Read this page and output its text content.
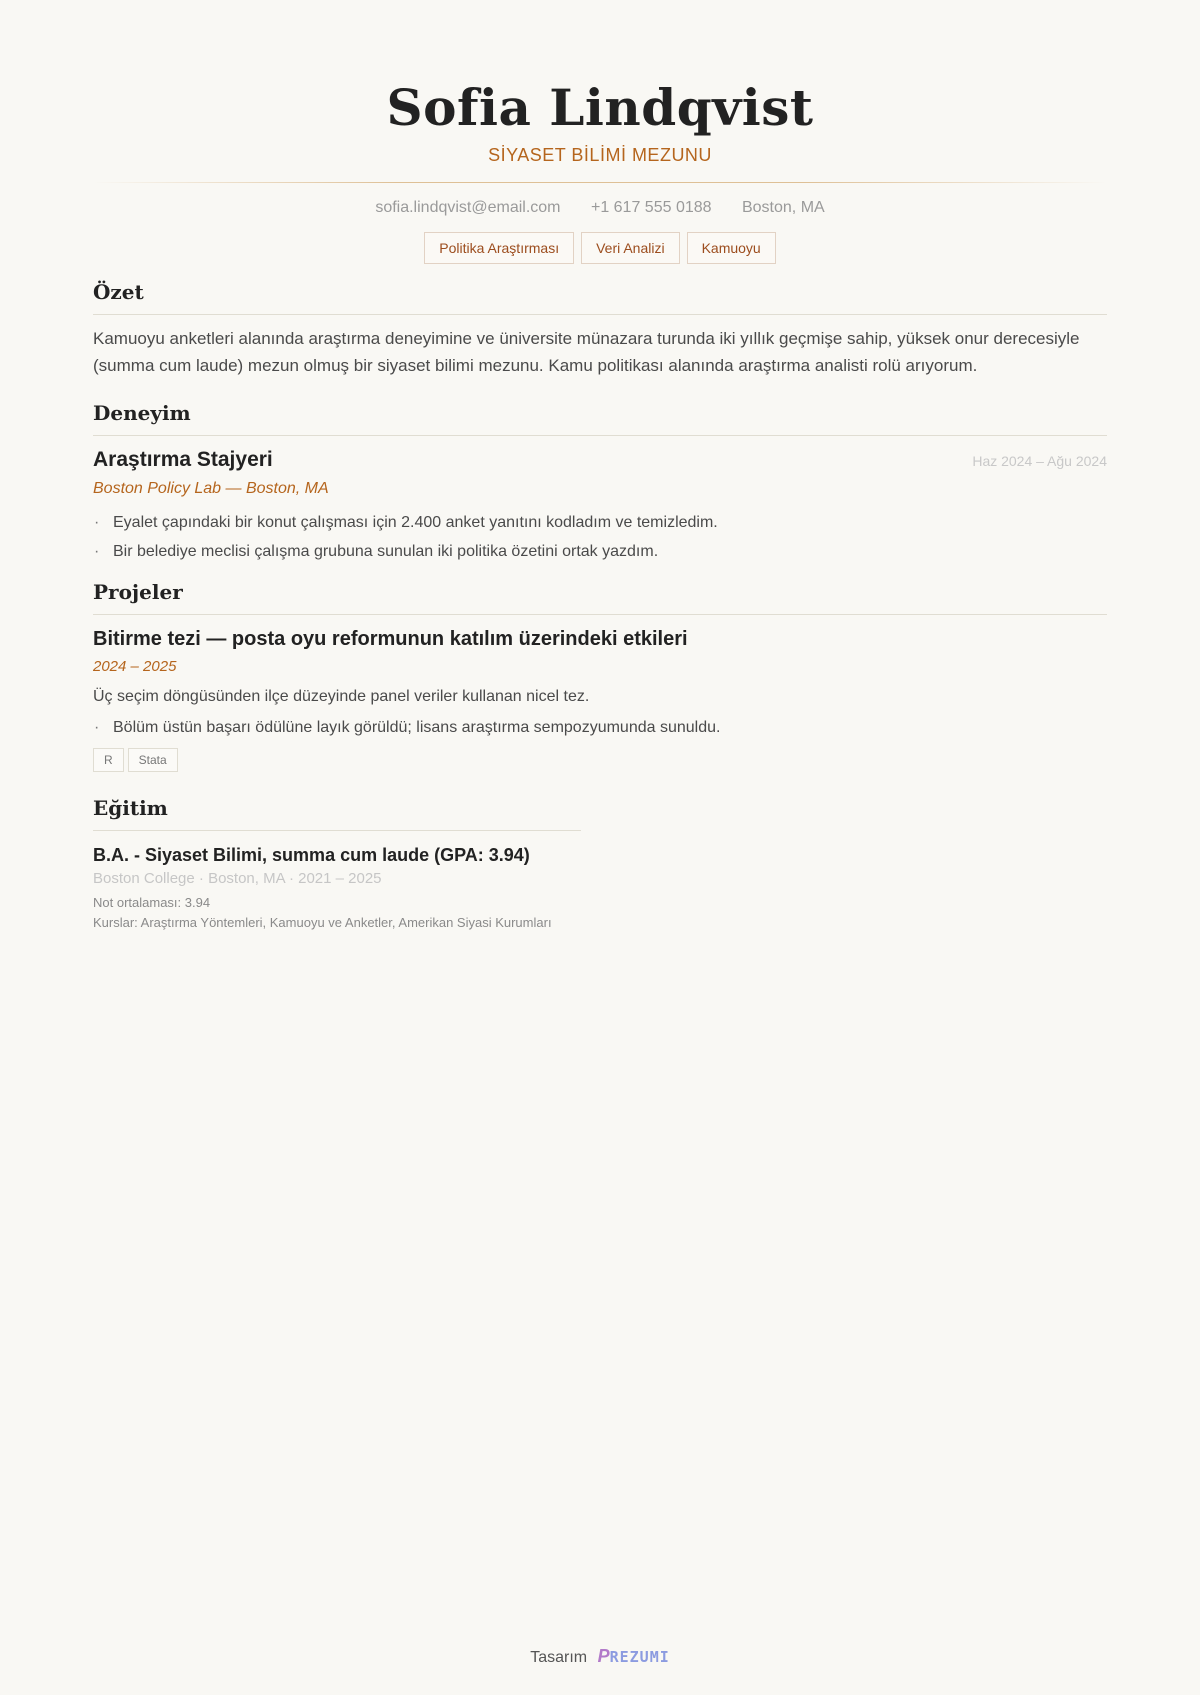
Sofia Lindqvist
SİYASET BİLİMİ MEZUNU
sofia.lindqvist@email.com +1 617 555 0188 Boston, MA
Politika Araştırması	Veri Analizi	Kamuoyu
Özet

Kamuoyu anketleri alanında araştırma deneyimine ve üniversite münazara turunda iki yıllık geçmişe sahip, yüksek onur derecesiyle (summa cum laude) mezun olmuş bir siyaset bilimi mezunu. Kamu politikası alanında araştırma analisti rolü arıyorum.

Deneyim
Araştırma Stajyeri	Haz 2024 – Ağu 2024
Boston Policy Lab — Boston, MA
· Eyalet çapındaki bir konut çalışması için 2.400 anket yanıtını kodladım ve temizledim.
· Bir belediye meclisi çalışma grubuna sunulan iki politika özetini ortak yazdım.
Projeler
Bitirme tezi — posta oyu reformunun katılım üzerindeki etkileri
2024 – 2025
Üç seçim döngüsünden ilçe düzeyinde panel veriler kullanan nicel tez.
· Bölüm üstün başarı ödülüne layık görüldü; lisans araştırma sempozyumunda sunuldu.
R	Stata
Eğitim
B.A. - Siyaset Bilimi, summa cum laude (GPA: 3.94)
Boston College · Boston, MA · 2021 – 2025
Not ortalaması: 3.94
Kurslar: Araştırma Yöntemleri, Kamuoyu ve Anketler, Amerikan Siyasi Kurumları
Tasarım PREZUMI
